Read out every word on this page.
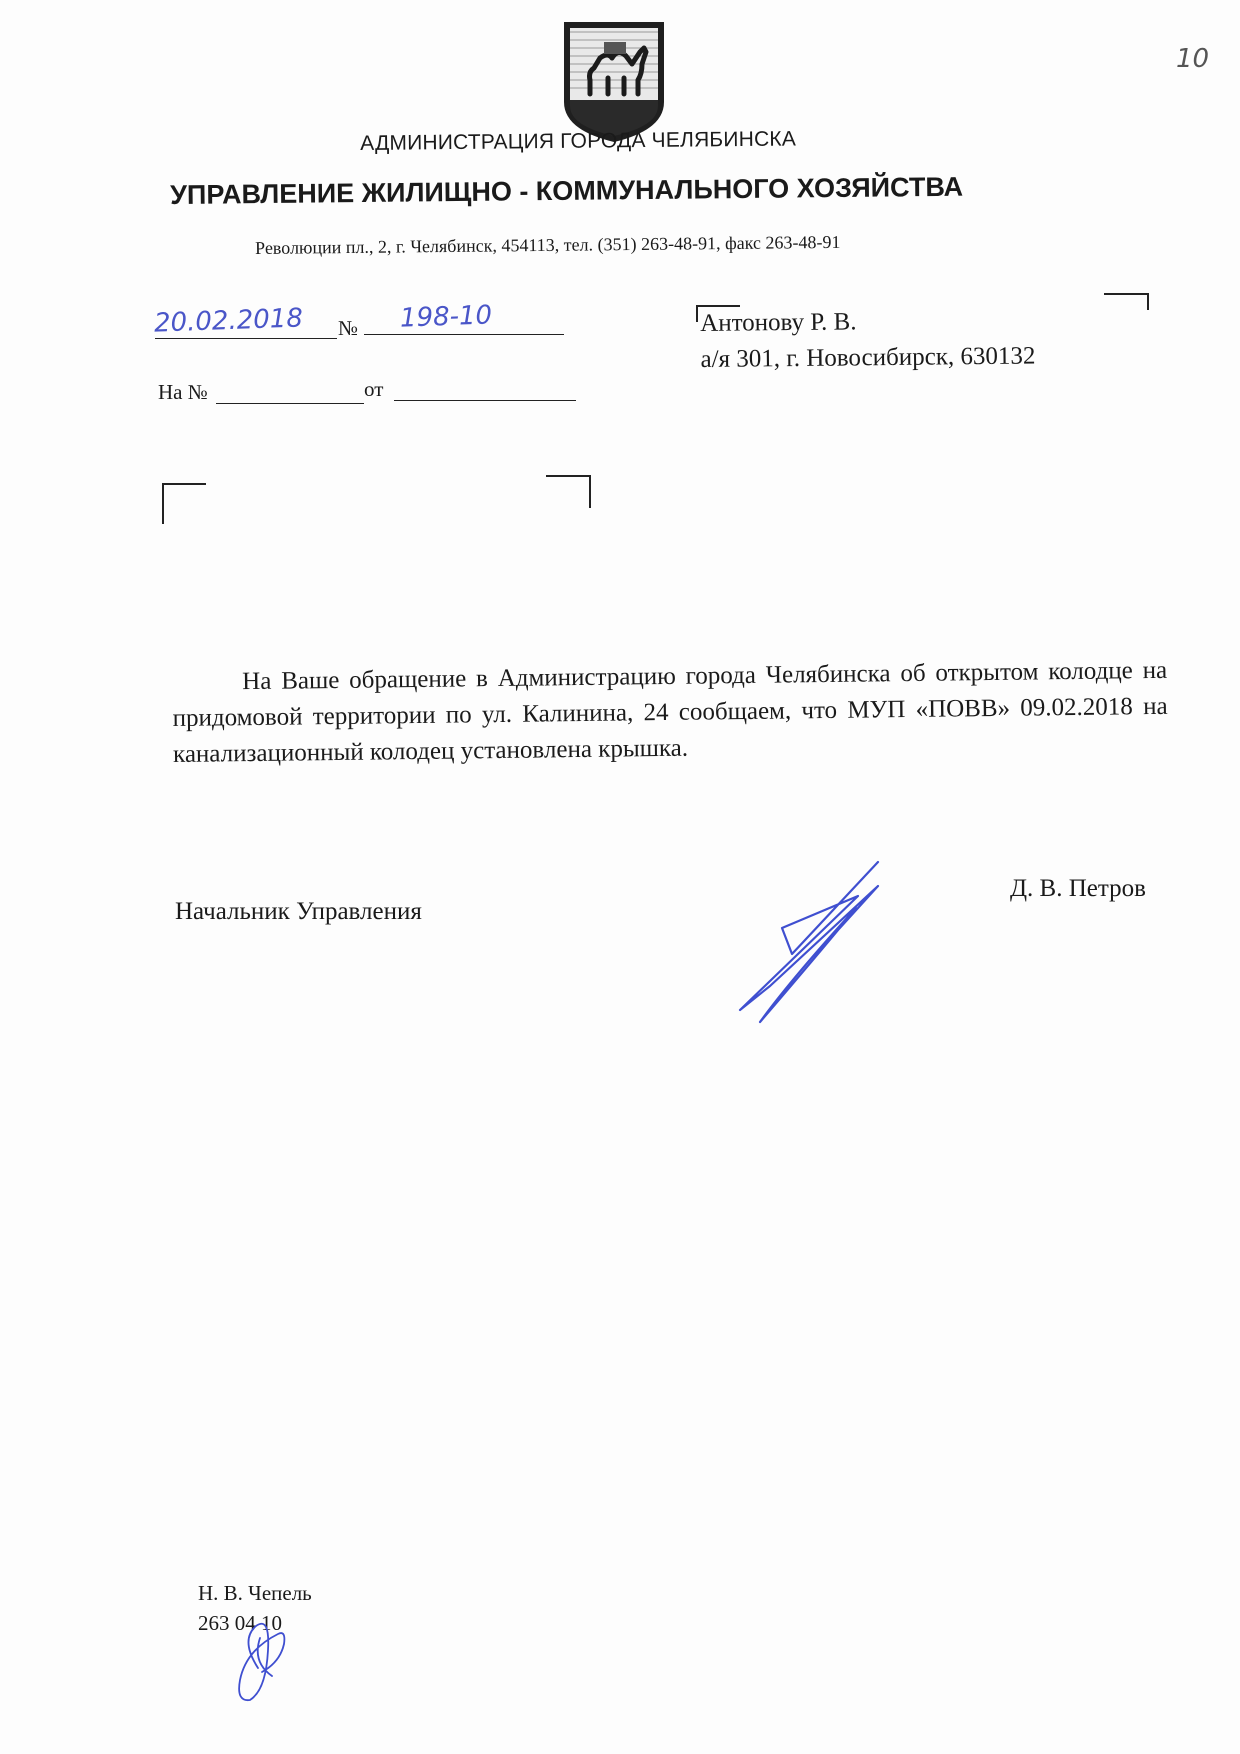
10
АДМИНИСТРАЦИЯ ГОРОДА ЧЕЛЯБИНСКА
УПРАВЛЕНИЕ ЖИЛИЩНО - КОММУНАЛЬНОГО ХОЗЯЙСТВА
Революции пл., 2, г. Челябинск, 454113, тел. (351) 263-48-91, факс 263-48-91
20.02.2018 № 198-10
На №	от
Антонову Р. В.
а/я 301, г. Новосибирск, 630132
На Ваше обращение в Администрацию города Челябинска об открытом колодце на придомовой территории по ул. Калинина, 24 сообщаем, что МУП «ПОВВ» 09.02.2018 на канализационный колодец установлена крышка.
Начальник Управления
Д. В. Петров
Н. В. Чепель
263 04 10
